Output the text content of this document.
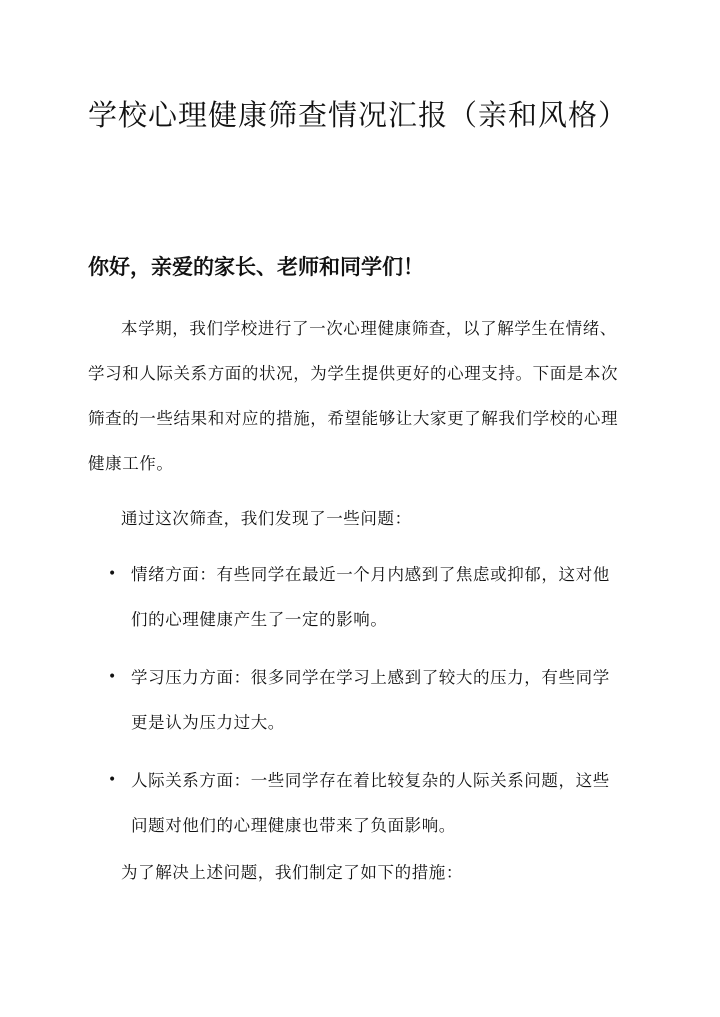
学校心理健康筛查情况汇报（亲和风格）
你好，亲爱的家长、老师和同学们！

本学期，我们学校进行了一次心理健康筛查，以了解学生在情绪、学习和人际关系方面的状况，为学生提供更好的心理支持。下面是本次筛查的一些结果和对应的措施，希望能够让大家更了解我们学校的心理健康工作。

通过这次筛查，我们发现了一些问题：

• 情绪方面：有些同学在最近一个月内感到了焦虑或抑郁，这对他们的心理健康产生了一定的影响。
• 学习压力方面：很多同学在学习上感到了较大的压力，有些同学更是认为压力过大。
• 人际关系方面：一些同学存在着比较复杂的人际关系问题，这些问题对他们的心理健康也带来了负面影响。

为了解决上述问题，我们制定了如下的措施：
